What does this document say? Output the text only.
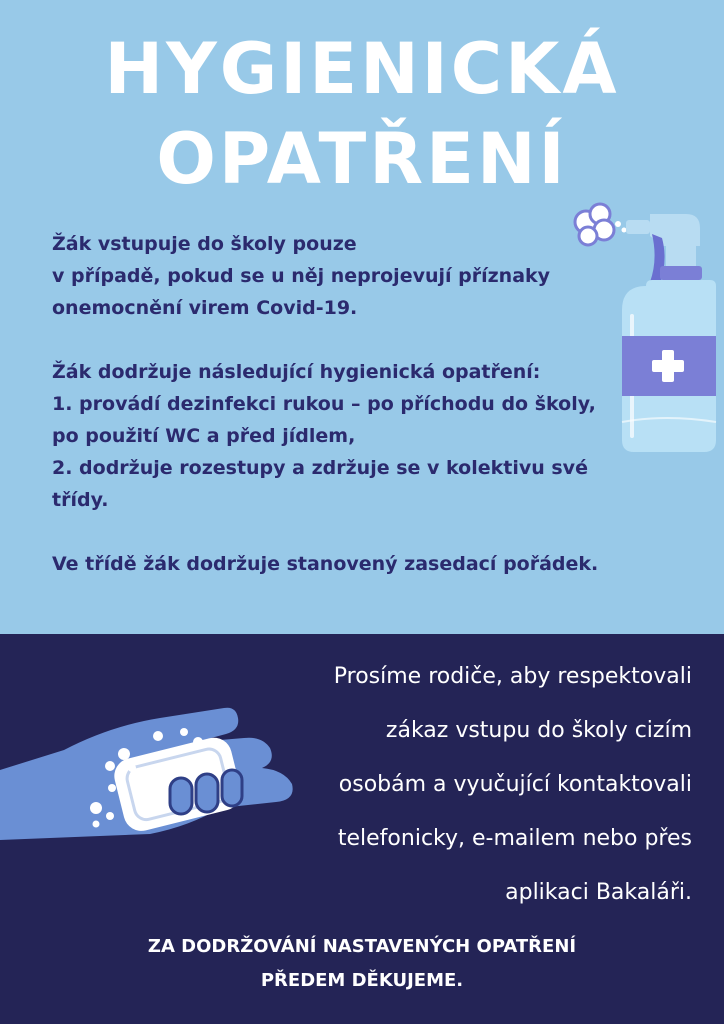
HYGIENICKÁ
OPATŘENÍ

Žák vstupuje do školy pouze

v případě, pokud se u něj neprojevují příznaky

onemocnění virem Covid-19.

Žák dodržuje následující hygienická opatření:

1. provádí dezinfekci rukou – po příchodu do školy,

po použití WC a před jídlem,

2. dodržuje rozestupy a zdržuje se v kolektivu své

třídy.

Ve třídě žák dodržuje stanovený zasedací pořádek.

Prosíme rodiče, aby respektovali
zákaz vstupu do školy cizím
osobám a vyučující kontaktovali
telefonicky, e-mailem nebo přes
aplikaci Bakaláři.
ZA DODRŽOVÁNÍ NASTAVENÝCH OPATŘENÍ
PŘEDEM DĚKUJEME.
